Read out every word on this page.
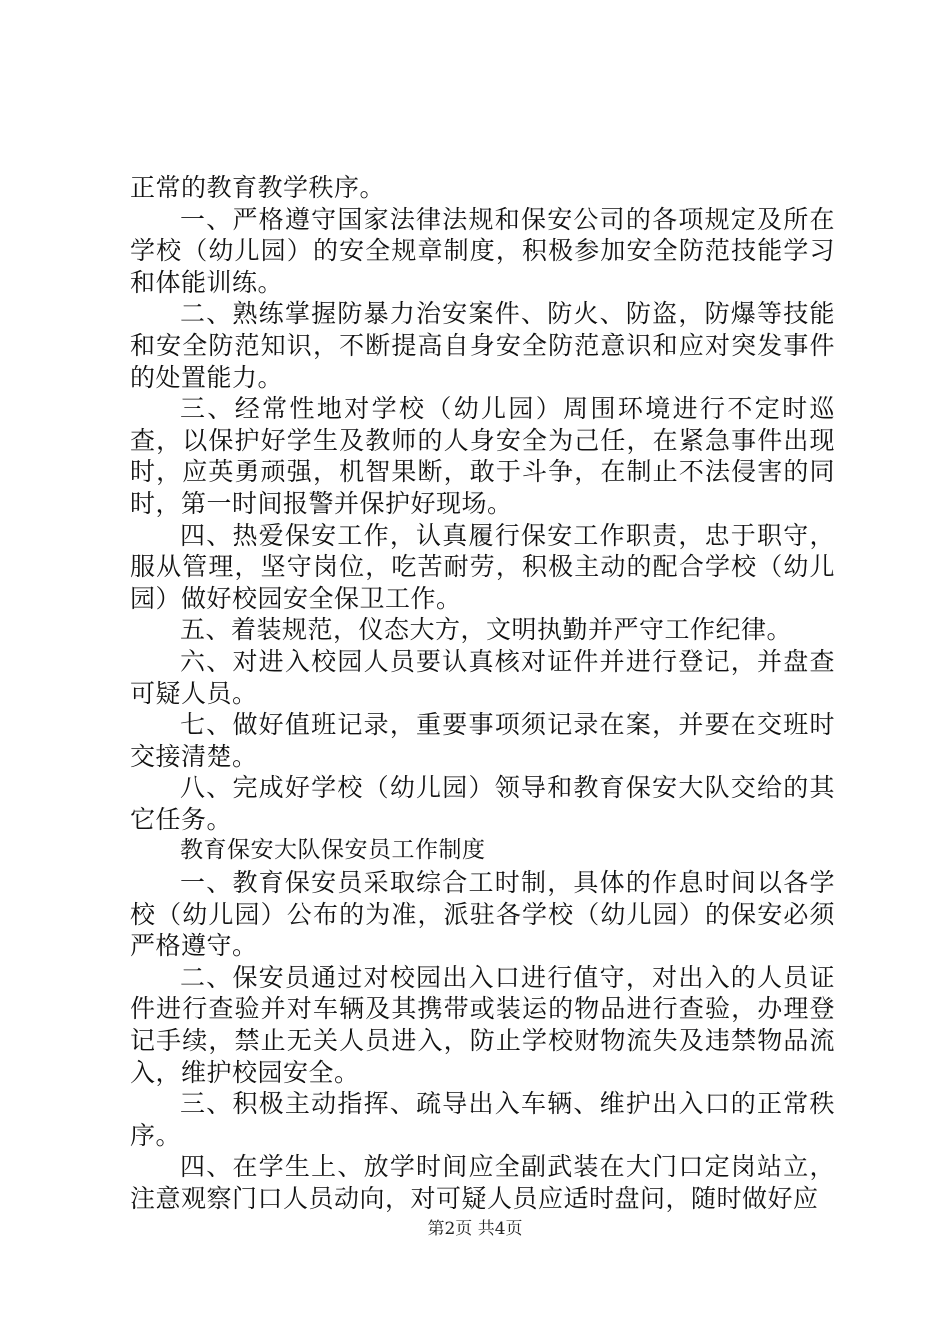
正常的教育教学秩序。

一、严格遵守国家法律法规和保安公司的各项规定及所在学校（幼儿园）的安全规章制度，积极参加安全防范技能学习和体能训练。

二、熟练掌握防暴力治安案件、防火、防盗，防爆等技能和安全防范知识，不断提高自身安全防范意识和应对突发事件的处置能力。

三、经常性地对学校（幼儿园）周围环境进行不定时巡查，以保护好学生及教师的人身安全为己任，在紧急事件出现时，应英勇顽强，机智果断，敢于斗争，在制止不法侵害的同时，第一时间报警并保护好现场。

四、热爱保安工作，认真履行保安工作职责，忠于职守，服从管理，坚守岗位，吃苦耐劳，积极主动的配合学校（幼儿园）做好校园安全保卫工作。

五、着装规范，仪态大方，文明执勤并严守工作纪律。

六、对进入校园人员要认真核对证件并进行登记，并盘查可疑人员。

七、做好值班记录，重要事项须记录在案，并要在交班时交接清楚。

八、完成好学校（幼儿园）领导和教育保安大队交给的其它任务。

教育保安大队保安员工作制度

一、教育保安员采取综合工时制，具体的作息时间以各学校（幼儿园）公布的为准，派驻各学校（幼儿园）的保安必须严格遵守。

二、保安员通过对校园出入口进行值守，对出入的人员证件进行查验并对车辆及其携带或装运的物品进行查验，办理登记手续，禁止无关人员进入，防止学校财物流失及违禁物品流入，维护校园安全。

三、积极主动指挥、疏导出入车辆、维护出入口的正常秩序。

四、在学生上、放学时间应全副武装在大门口定岗站立，注意观察门口人员动向，对可疑人员应适时盘问，随时做好应

第2页 共4页
